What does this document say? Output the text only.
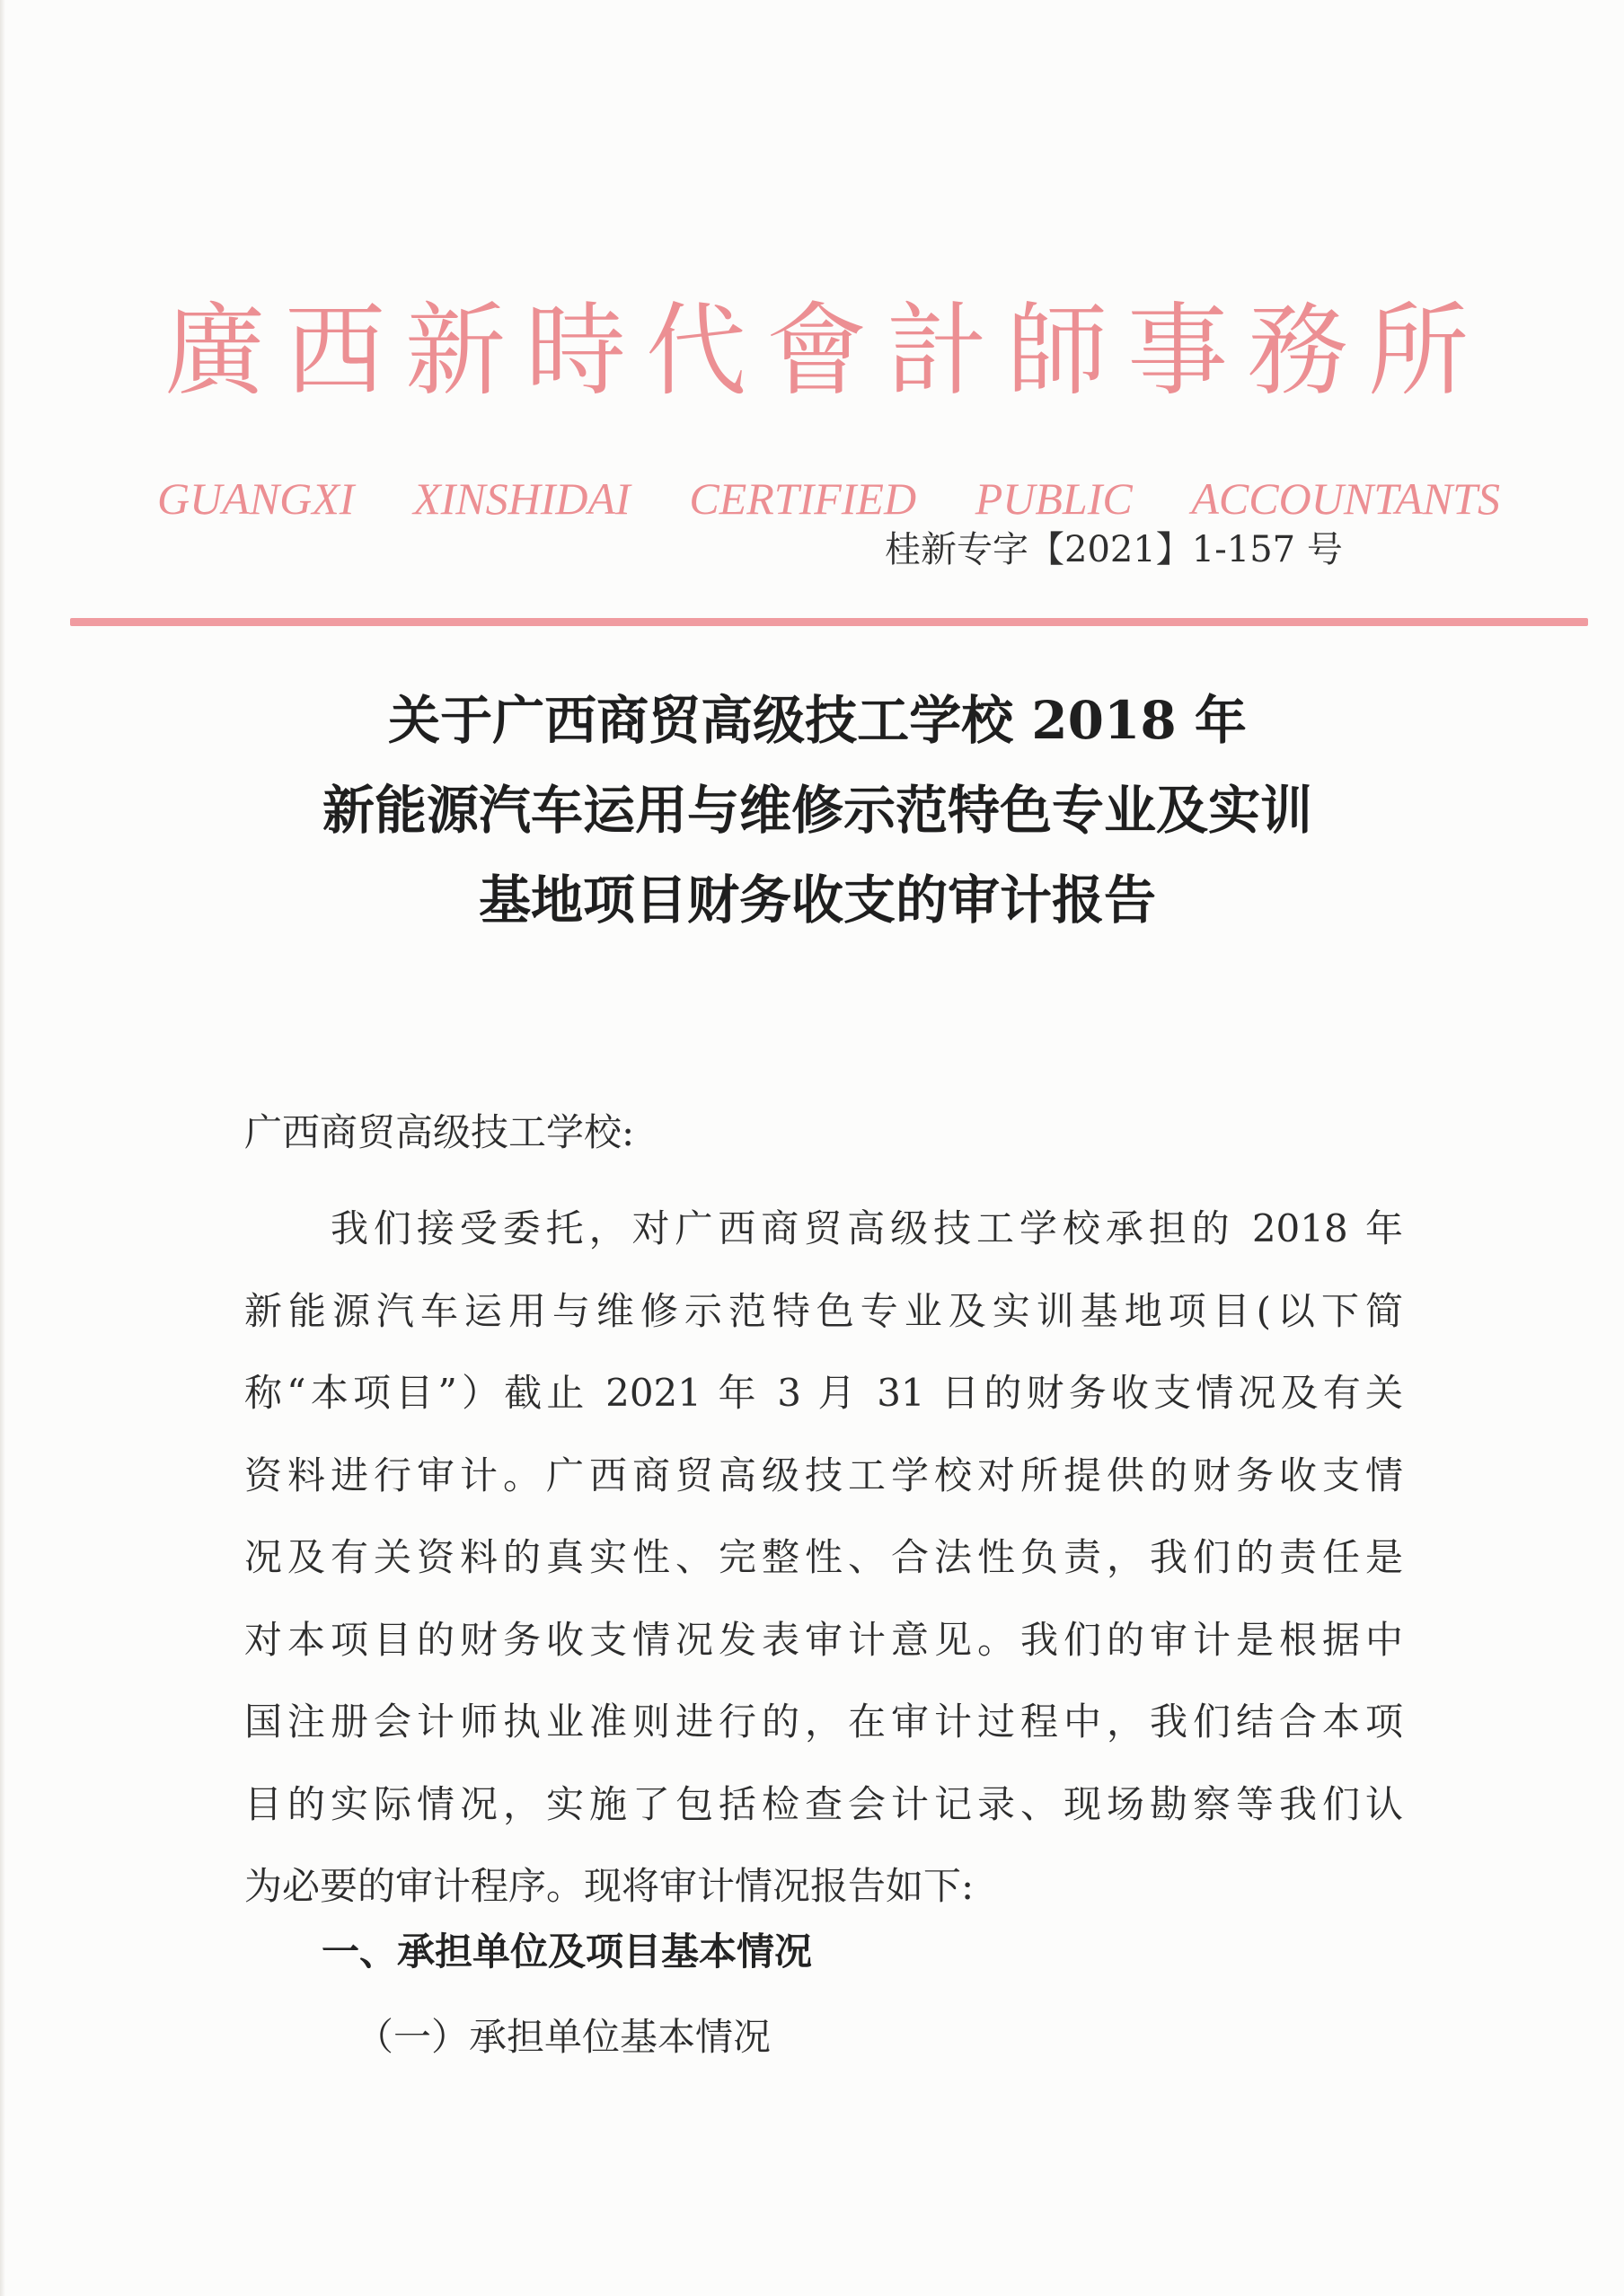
廣西新時代會計師事務所
GUANGXI XINSHIDAI CERTIFIED PUBLIC ACCOUNTANTS
桂新专字【2021】1-157 号
关于广西商贸高级技工学校 2018 年
新能源汽车运用与维修示范特色专业及实训
基地项目财务收支的审计报告
广西商贸高级技工学校:
我们接受委托，对广西商贸高级技工学校承担的 2018 年
新能源汽车运用与维修示范特色专业及实训基地项目(以下简
称“本项目”）截止 2021 年 3 月 31 日的财务收支情况及有关
资料进行审计。广西商贸高级技工学校对所提供的财务收支情
况及有关资料的真实性、完整性、合法性负责，我们的责任是
对本项目的财务收支情况发表审计意见。我们的审计是根据中
国注册会计师执业准则进行的，在审计过程中，我们结合本项
目的实际情况，实施了包括检查会计记录、现场勘察等我们认
为必要的审计程序。现将审计情况报告如下:
一、承担单位及项目基本情况
（一）承担单位基本情况
